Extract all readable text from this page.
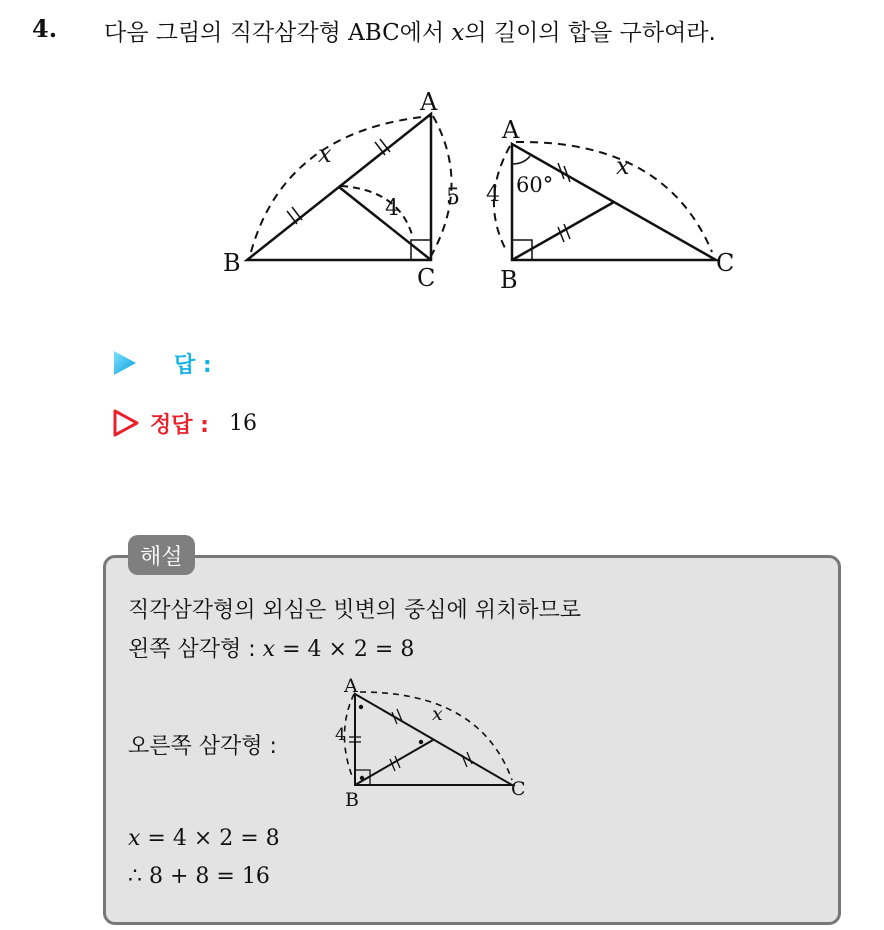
4. 다음 그림의 직각삼각형 ABC에서 x의 길이의 합을 구하여라.
A
B
C
x
4 5
A
B
C
x
4 60°
답 :
정답 : 16
해설
직각삼각형의 외심은 빗변의 중심에 위치하므로
왼쪽 삼각형 : x = 4 × 2 = 8
오른쪽 삼각형 :
A
B	C
x
4
x = 4 × 2 = 8
∴ 8 + 8 = 16
